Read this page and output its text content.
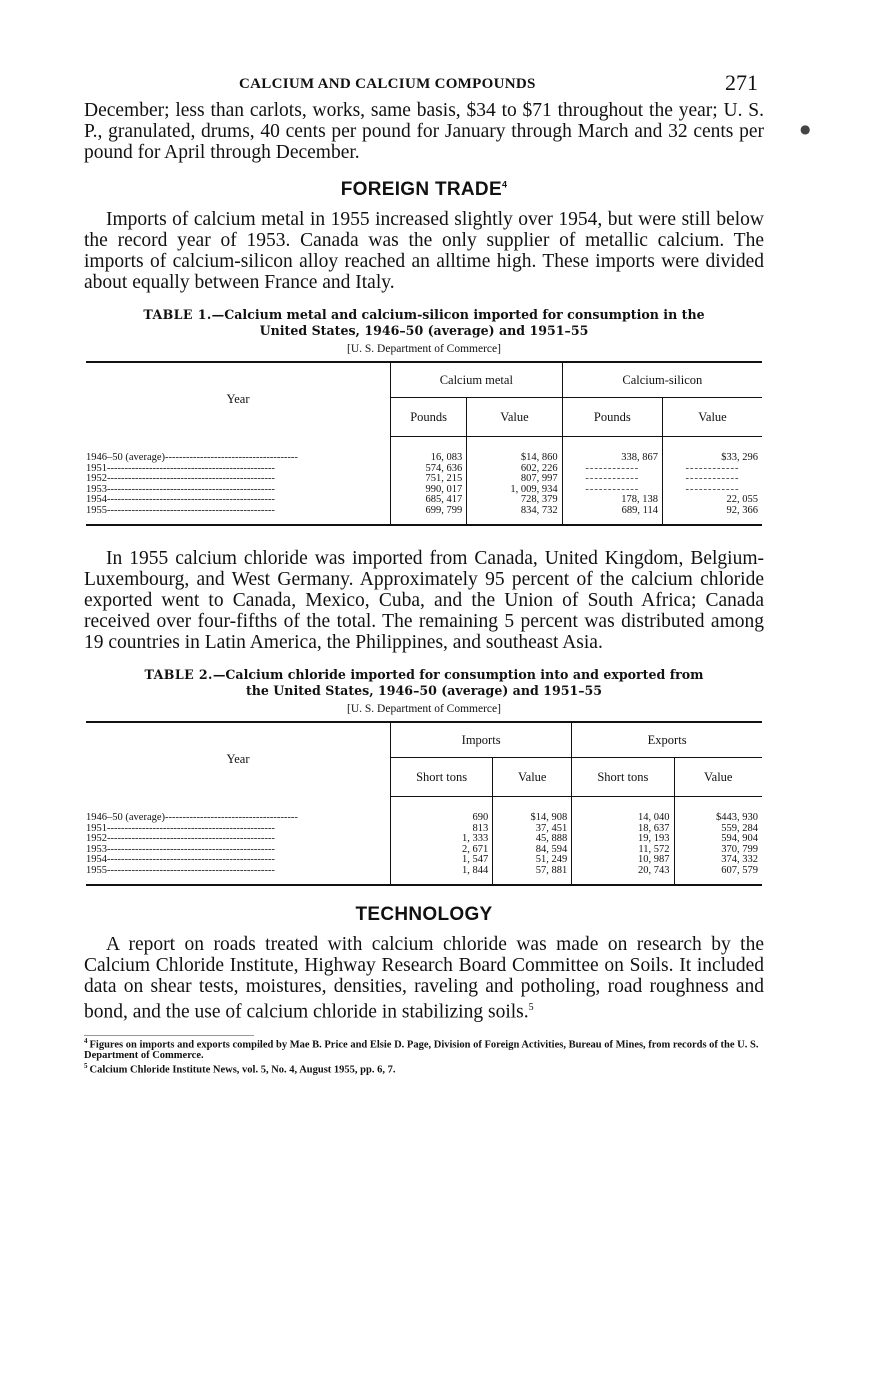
●
CALCIUM AND CALCIUM COMPOUNDS	271

December; less than carlots, works, same basis, $34 to $71 throughout the year; U. S. P., granulated, drums, 40 cents per pound for January through March and 32 cents per pound for April through December.

FOREIGN TRADE$^4$

Imports of calcium metal in 1955 increased slightly over 1954, but were still below the record year of 1953. Canada was the only supplier of metallic calcium. The imports of calcium-silicon alloy reached an alltime high. These imports were divided about equally between France and Italy.

TABLE 1.—Calcium metal and calcium-silicon imported for consumption in the
United States, 1946–50 (average) and 1951–55
[U. S. Department of Commerce]
Year	Calcium metal		Calcium-silicon	
	Pounds	Value	Pounds	Value

1946–50 (average)--------------------------------------	16, 083	$14, 860	338, 867	$33, 296
1951------------------------------------------------	574, 636	602, 226	------------	------------
1952------------------------------------------------	751, 215	807, 997	------------	------------
1953------------------------------------------------	990, 017	1, 009, 934	------------	------------
1954------------------------------------------------	685, 417	728, 379	178, 138	22, 055
1955------------------------------------------------	699, 799	834, 732	689, 114	92, 366

In 1955 calcium chloride was imported from Canada, United Kingdom, Belgium-Luxembourg, and West Germany. Approximately 95 percent of the calcium chloride exported went to Canada, Mexico, Cuba, and the Union of South Africa; Canada received over four-fifths of the total. The remaining 5 percent was distributed among 19 countries in Latin America, the Philippines, and southeast Asia.

TABLE 2.—Calcium chloride imported for consumption into and exported from
the United States, 1946–50 (average) and 1951–55
[U. S. Department of Commerce]
Year	Imports		Exports	
	Short tons	Value	Short tons	Value

1946–50 (average)--------------------------------------	690	$14, 908	14, 040	$443, 930
1951------------------------------------------------	813	37, 451	18, 637	559, 284
1952------------------------------------------------	1, 333	45, 888	19, 193	594, 904
1953------------------------------------------------	2, 671	84, 594	11, 572	370, 799
1954------------------------------------------------	1, 547	51, 249	10, 987	374, 332
1955------------------------------------------------	1, 844	57, 881	20, 743	607, 579

TECHNOLOGY

A report on roads treated with calcium chloride was made on research by the Calcium Chloride Institute, Highway Research Board Committee on Soils. It included data on shear tests, moistures, densities, raveling and potholing, road roughness and bond, and the use of calcium chloride in stabilizing soils.$^5$

$^4$ Figures on imports and exports compiled by Mae B. Price and Elsie D. Page, Division of Foreign Activities, Bureau of Mines, from records of the U. S. Department of Commerce.

$^5$ Calcium Chloride Institute News, vol. 5, No. 4, August 1955, pp. 6, 7.
